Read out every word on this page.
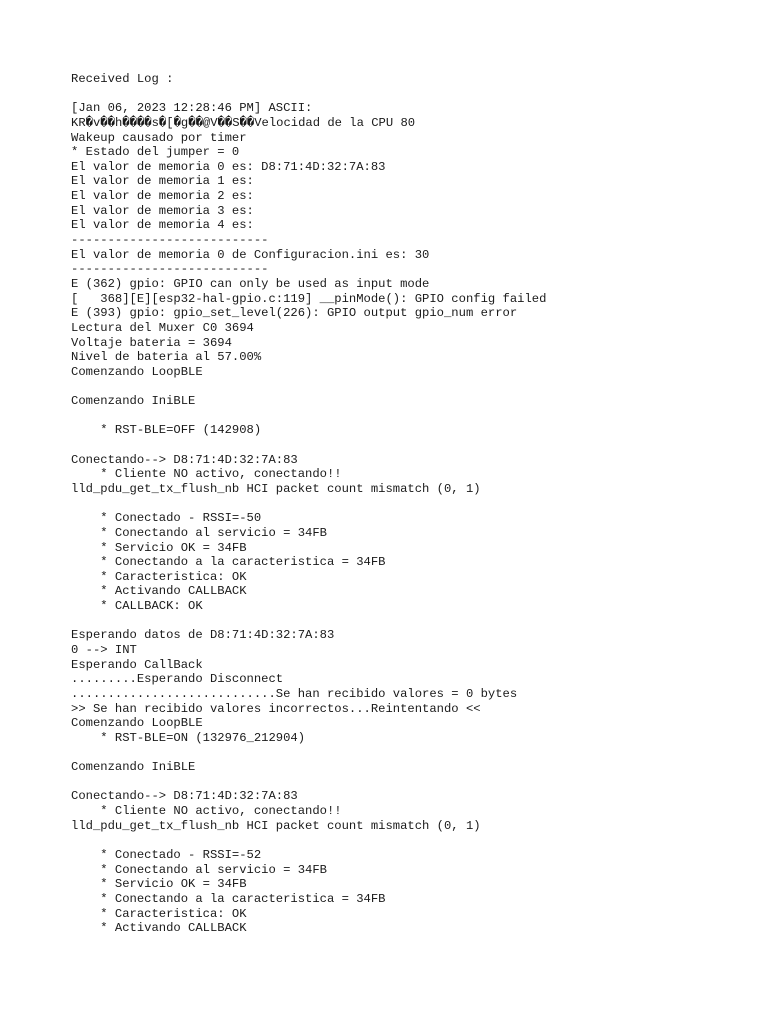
Received Log :
[Jan 06, 2023 12:28:46 PM] ASCII:
KR�v��h����s�[�g��@V��S��Velocidad de la CPU 80
Wakeup causado por timer
* Estado del jumper = 0
El valor de memoria 0 es: D8:71:4D:32:7A:83
El valor de memoria 1 es:
El valor de memoria 2 es:
El valor de memoria 3 es:
El valor de memoria 4 es:
---------------------------
El valor de memoria 0 de Configuracion.ini es: 30
---------------------------
E (362) gpio: GPIO can only be used as input mode
[   368][E][esp32-hal-gpio.c:119] __pinMode(): GPIO config failed
E (393) gpio: gpio_set_level(226): GPIO output gpio_num error
Lectura del Muxer C0 3694
Voltaje bateria = 3694
Nivel de bateria al 57.00%
Comenzando LoopBLE
Comenzando IniBLE
* RST-BLE=OFF (142908)
Conectando--> D8:71:4D:32:7A:83
* Cliente NO activo, conectando!!
lld_pdu_get_tx_flush_nb HCI packet count mismatch (0, 1)
* Conectado - RSSI=-50
* Conectando al servicio = 34FB
* Servicio OK = 34FB
* Conectando a la caracteristica = 34FB
* Caracteristica: OK
* Activando CALLBACK
* CALLBACK: OK
Esperando datos de D8:71:4D:32:7A:83
0 --> INT
Esperando CallBack
.........Esperando Disconnect
............................Se han recibido valores = 0 bytes
>> Se han recibido valores incorrectos...Reintentando <<
Comenzando LoopBLE
* RST-BLE=ON (132976_212904)
Comenzando IniBLE
Conectando--> D8:71:4D:32:7A:83
* Cliente NO activo, conectando!!
lld_pdu_get_tx_flush_nb HCI packet count mismatch (0, 1)
* Conectado - RSSI=-52
* Conectando al servicio = 34FB
* Servicio OK = 34FB
* Conectando a la caracteristica = 34FB
* Caracteristica: OK
* Activando CALLBACK
